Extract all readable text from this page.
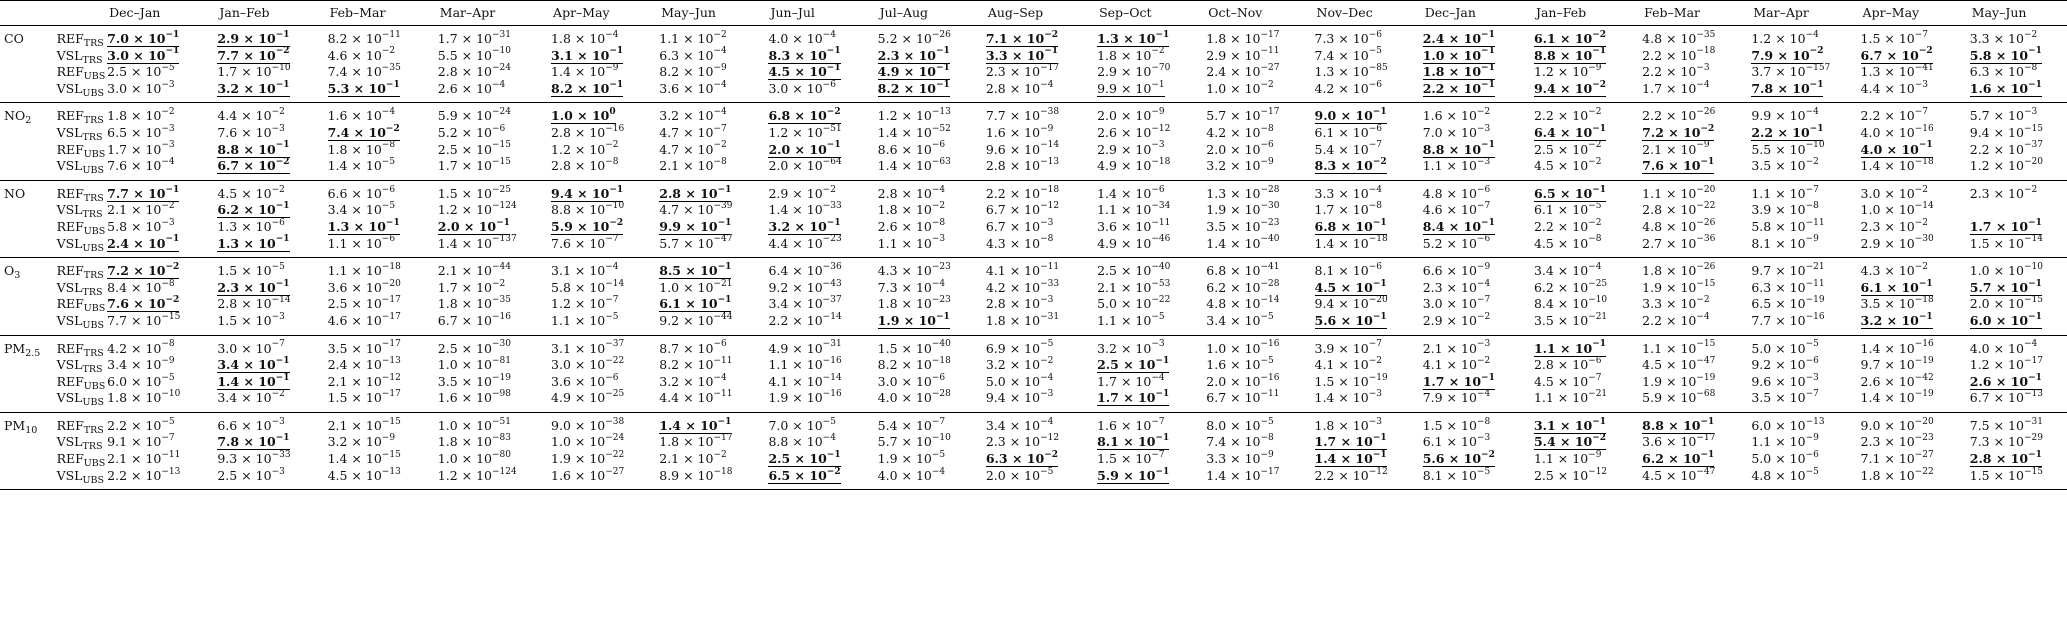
		Dec–Jan	Jan–Feb	Feb–Mar	Mar–Apr	Apr–May	May–Jun	Jun–Jul	Jul–Aug	Aug–Sep	Sep–Oct	Oct–Nov	Nov–Dec	Dec–Jan	Jan–Feb	Feb–Mar	Mar–Apr	Apr–May	May–Jun
CO	$REF_{TRS}$	$7.0 \times 10^{-1}$	$2.9 \times 10^{-1}$	$8.2 \times 10^{-11}$	$1.7 \times 10^{-31}$	$1.8 \times 10^{-4}$	$1.1 \times 10^{-2}$	$4.0 \times 10^{-4}$	$5.2 \times 10^{-26}$	$7.1 \times 10^{-2}$	$1.3 \times 10^{-1}$	$1.8 \times 10^{-17}$	$7.3 \times 10^{-6}$	$2.4 \times 10^{-1}$	$6.1 \times 10^{-2}$	$4.8 \times 10^{-35}$	$1.2 \times 10^{-4}$	$1.5 \times 10^{-7}$	$3.3 \times 10^{-2}$
	$VSL_{TRS}$	$3.0 \times 10^{-1}$	$7.7 \times 10^{-2}$	$4.6 \times 10^{-2}$	$5.5 \times 10^{-10}$	$3.1 \times 10^{-1}$	$6.3 \times 10^{-4}$	$8.3 \times 10^{-1}$	$2.3 \times 10^{-1}$	$3.3 \times 10^{-1}$	$1.8 \times 10^{-2}$	$2.9 \times 10^{-11}$	$7.4 \times 10^{-5}$	$1.0 \times 10^{-1}$	$8.8 \times 10^{-1}$	$2.2 \times 10^{-18}$	$7.9 \times 10^{-2}$	$6.7 \times 10^{-2}$	$5.8 \times 10^{-1}$
	$REF_{UBS}$	$2.5 \times 10^{-5}$	$1.7 \times 10^{-10}$	$7.4 \times 10^{-35}$	$2.8 \times 10^{-24}$	$1.4 \times 10^{-9}$	$8.2 \times 10^{-9}$	$4.5 \times 10^{-1}$	$4.9 \times 10^{-1}$	$2.3 \times 10^{-17}$	$2.9 \times 10^{-70}$	$2.4 \times 10^{-27}$	$1.3 \times 10^{-85}$	$1.8 \times 10^{-1}$	$1.2 \times 10^{-9}$	$2.2 \times 10^{-3}$	$3.7 \times 10^{-157}$	$1.3 \times 10^{-41}$	$6.3 \times 10^{-8}$
	$VSL_{UBS}$	$3.0 \times 10^{-3}$	$3.2 \times 10^{-1}$	$5.3 \times 10^{-1}$	$2.6 \times 10^{-4}$	$8.2 \times 10^{-1}$	$3.6 \times 10^{-4}$	$3.0 \times 10^{-6}$	$8.2 \times 10^{-1}$	$2.8 \times 10^{-4}$	$9.9 \times 10^{-1}$	$1.0 \times 10^{-2}$	$4.2 \times 10^{-6}$	$2.2 \times 10^{-1}$	$9.4 \times 10^{-2}$	$1.7 \times 10^{-4}$	$7.8 \times 10^{-1}$	$4.4 \times 10^{-3}$	$1.6 \times 10^{-1}$
$NO_2$	$REF_{TRS}$	$1.8 \times 10^{-2}$	$4.4 \times 10^{-2}$	$1.6 \times 10^{-4}$	$5.9 \times 10^{-24}$	$1.0 \times 10^0$	$3.2 \times 10^{-4}$	$6.8 \times 10^{-2}$	$1.2 \times 10^{-13}$	$7.7 \times 10^{-38}$	$2.0 \times 10^{-9}$	$5.7 \times 10^{-17}$	$9.0 \times 10^{-1}$	$1.6 \times 10^{-2}$	$2.2 \times 10^{-2}$	$2.2 \times 10^{-26}$	$9.9 \times 10^{-4}$	$2.2 \times 10^{-7}$	$5.7 \times 10^{-3}$
	$VSL_{TRS}$	$6.5 \times 10^{-3}$	$7.6 \times 10^{-3}$	$7.4 \times 10^{-2}$	$5.2 \times 10^{-6}$	$2.8 \times 10^{-16}$	$4.7 \times 10^{-7}$	$1.2 \times 10^{-51}$	$1.4 \times 10^{-52}$	$1.6 \times 10^{-9}$	$2.6 \times 10^{-12}$	$4.2 \times 10^{-8}$	$6.1 \times 10^{-6}$	$7.0 \times 10^{-3}$	$6.4 \times 10^{-1}$	$7.2 \times 10^{-2}$	$2.2 \times 10^{-1}$	$4.0 \times 10^{-16}$	$9.4 \times 10^{-15}$
	$REF_{UBS}$	$1.7 \times 10^{-3}$	$8.8 \times 10^{-1}$	$1.8 \times 10^{-8}$	$2.5 \times 10^{-15}$	$1.2 \times 10^{-2}$	$4.7 \times 10^{-2}$	$2.0 \times 10^{-1}$	$8.6 \times 10^{-6}$	$9.6 \times 10^{-14}$	$2.9 \times 10^{-3}$	$2.0 \times 10^{-6}$	$5.4 \times 10^{-7}$	$8.8 \times 10^{-1}$	$2.5 \times 10^{-2}$	$2.1 \times 10^{-9}$	$5.5 \times 10^{-10}$	$4.0 \times 10^{-1}$	$2.2 \times 10^{-37}$
	$VSL_{UBS}$	$7.6 \times 10^{-4}$	$6.7 \times 10^{-2}$	$1.4 \times 10^{-5}$	$1.7 \times 10^{-15}$	$2.8 \times 10^{-8}$	$2.1 \times 10^{-8}$	$2.0 \times 10^{-64}$	$1.4 \times 10^{-63}$	$2.8 \times 10^{-13}$	$4.9 \times 10^{-18}$	$3.2 \times 10^{-9}$	$8.3 \times 10^{-2}$	$1.1 \times 10^{-3}$	$4.5 \times 10^{-2}$	$7.6 \times 10^{-1}$	$3.5 \times 10^{-2}$	$1.4 \times 10^{-18}$	$1.2 \times 10^{-20}$
NO	$REF_{TRS}$	$7.7 \times 10^{-1}$	$4.5 \times 10^{-2}$	$6.6 \times 10^{-6}$	$1.5 \times 10^{-25}$	$9.4 \times 10^{-1}$	$2.8 \times 10^{-1}$	$2.9 \times 10^{-2}$	$2.8 \times 10^{-4}$	$2.2 \times 10^{-18}$	$1.4 \times 10^{-6}$	$1.3 \times 10^{-28}$	$3.3 \times 10^{-4}$	$4.8 \times 10^{-6}$	$6.5 \times 10^{-1}$	$1.1 \times 10^{-20}$	$1.1 \times 10^{-7}$	$3.0 \times 10^{-2}$	$2.3 \times 10^{-2}$
	$VSL_{TRS}$	$2.1 \times 10^{-2}$	$6.2 \times 10^{-1}$	$3.4 \times 10^{-5}$	$1.2 \times 10^{-124}$	$8.8 \times 10^{-10}$	$4.7 \times 10^{-39}$	$1.4 \times 10^{-33}$	$1.8 \times 10^{-2}$	$6.7 \times 10^{-12}$	$1.1 \times 10^{-34}$	$1.9 \times 10^{-30}$	$1.7 \times 10^{-8}$	$4.6 \times 10^{-7}$	$6.1 \times 10^{-5}$	$2.8 \times 10^{-22}$	$3.9 \times 10^{-8}$	$1.0 \times 10^{-14}$	
	$REF_{UBS}$	$5.8 \times 10^{-3}$	$1.3 \times 10^{-6}$	$1.3 \times 10^{-1}$	$2.0 \times 10^{-1}$	$5.9 \times 10^{-2}$	$9.9 \times 10^{-1}$	$3.2 \times 10^{-1}$	$2.6 \times 10^{-8}$	$6.7 \times 10^{-3}$	$3.6 \times 10^{-11}$	$3.5 \times 10^{-23}$	$6.8 \times 10^{-1}$	$8.4 \times 10^{-1}$	$2.2 \times 10^{-2}$	$4.8 \times 10^{-26}$	$5.8 \times 10^{-11}$	$2.3 \times 10^{-2}$	$1.7 \times 10^{-1}$
	$VSL_{UBS}$	$2.4 \times 10^{-1}$	$1.3 \times 10^{-1}$	$1.1 \times 10^{-6}$	$1.4 \times 10^{-137}$	$7.6 \times 10^{-7}$	$5.7 \times 10^{-47}$	$4.4 \times 10^{-23}$	$1.1 \times 10^{-3}$	$4.3 \times 10^{-8}$	$4.9 \times 10^{-46}$	$1.4 \times 10^{-40}$	$1.4 \times 10^{-18}$	$5.2 \times 10^{-6}$	$4.5 \times 10^{-8}$	$2.7 \times 10^{-36}$	$8.1 \times 10^{-9}$	$2.9 \times 10^{-30}$	$1.5 \times 10^{-14}$
$O_3$	$REF_{TRS}$	$7.2 \times 10^{-2}$	$1.5 \times 10^{-5}$	$1.1 \times 10^{-18}$	$2.1 \times 10^{-44}$	$3.1 \times 10^{-4}$	$8.5 \times 10^{-1}$	$6.4 \times 10^{-36}$	$4.3 \times 10^{-23}$	$4.1 \times 10^{-11}$	$2.5 \times 10^{-40}$	$6.8 \times 10^{-41}$	$8.1 \times 10^{-6}$	$6.6 \times 10^{-9}$	$3.4 \times 10^{-4}$	$1.8 \times 10^{-26}$	$9.7 \times 10^{-21}$	$4.3 \times 10^{-2}$	$1.0 \times 10^{-10}$
	$VSL_{TRS}$	$8.4 \times 10^{-8}$	$2.3 \times 10^{-1}$	$3.6 \times 10^{-20}$	$1.7 \times 10^{-2}$	$5.8 \times 10^{-14}$	$1.0 \times 10^{-21}$	$9.2 \times 10^{-43}$	$7.3 \times 10^{-4}$	$4.2 \times 10^{-33}$	$2.1 \times 10^{-53}$	$6.2 \times 10^{-28}$	$4.5 \times 10^{-1}$	$2.3 \times 10^{-4}$	$6.2 \times 10^{-25}$	$1.9 \times 10^{-15}$	$6.3 \times 10^{-11}$	$6.1 \times 10^{-1}$	$5.7 \times 10^{-1}$
	$REF_{UBS}$	$7.6 \times 10^{-2}$	$2.8 \times 10^{-14}$	$2.5 \times 10^{-17}$	$1.8 \times 10^{-35}$	$1.2 \times 10^{-7}$	$6.1 \times 10^{-1}$	$3.4 \times 10^{-37}$	$1.8 \times 10^{-23}$	$2.8 \times 10^{-3}$	$5.0 \times 10^{-22}$	$4.8 \times 10^{-14}$	$9.4 \times 10^{-20}$	$3.0 \times 10^{-7}$	$8.4 \times 10^{-10}$	$3.3 \times 10^{-2}$	$6.5 \times 10^{-19}$	$3.5 \times 10^{-18}$	$2.0 \times 10^{-15}$
	$VSL_{UBS}$	$7.7 \times 10^{-15}$	$1.5 \times 10^{-3}$	$4.6 \times 10^{-17}$	$6.7 \times 10^{-16}$	$1.1 \times 10^{-5}$	$9.2 \times 10^{-44}$	$2.2 \times 10^{-14}$	$1.9 \times 10^{-1}$	$1.8 \times 10^{-31}$	$1.1 \times 10^{-5}$	$3.4 \times 10^{-5}$	$5.6 \times 10^{-1}$	$2.9 \times 10^{-2}$	$3.5 \times 10^{-21}$	$2.2 \times 10^{-4}$	$7.7 \times 10^{-16}$	$3.2 \times 10^{-1}$	$6.0 \times 10^{-1}$
$PM_{2.5}$	$REF_{TRS}$	$4.2 \times 10^{-8}$	$3.0 \times 10^{-7}$	$3.5 \times 10^{-17}$	$2.5 \times 10^{-30}$	$3.1 \times 10^{-37}$	$8.7 \times 10^{-6}$	$4.9 \times 10^{-31}$	$1.5 \times 10^{-40}$	$6.9 \times 10^{-5}$	$3.2 \times 10^{-3}$	$1.0 \times 10^{-16}$	$3.9 \times 10^{-7}$	$2.1 \times 10^{-3}$	$1.1 \times 10^{-1}$	$1.1 \times 10^{-15}$	$5.0 \times 10^{-5}$	$1.4 \times 10^{-16}$	$4.0 \times 10^{-4}$
	$VSL_{TRS}$	$3.4 \times 10^{-9}$	$3.4 \times 10^{-1}$	$2.4 \times 10^{-13}$	$1.0 \times 10^{-81}$	$3.0 \times 10^{-22}$	$8.2 \times 10^{-11}$	$1.1 \times 10^{-16}$	$8.2 \times 10^{-18}$	$3.2 \times 10^{-2}$	$2.5 \times 10^{-1}$	$1.6 \times 10^{-5}$	$4.1 \times 10^{-2}$	$4.1 \times 10^{-2}$	$2.8 \times 10^{-6}$	$4.5 \times 10^{-47}$	$9.2 \times 10^{-6}$	$9.7 \times 10^{-19}$	$1.2 \times 10^{-17}$
	$REF_{UBS}$	$6.0 \times 10^{-5}$	$1.4 \times 10^{-1}$	$2.1 \times 10^{-12}$	$3.5 \times 10^{-19}$	$3.6 \times 10^{-6}$	$3.2 \times 10^{-4}$	$4.1 \times 10^{-14}$	$3.0 \times 10^{-6}$	$5.0 \times 10^{-4}$	$1.7 \times 10^{-4}$	$2.0 \times 10^{-16}$	$1.5 \times 10^{-19}$	$1.7 \times 10^{-1}$	$4.5 \times 10^{-7}$	$1.9 \times 10^{-19}$	$9.6 \times 10^{-3}$	$2.6 \times 10^{-42}$	$2.6 \times 10^{-1}$
	$VSL_{UBS}$	$1.8 \times 10^{-10}$	$3.4 \times 10^{-2}$	$1.5 \times 10^{-17}$	$1.6 \times 10^{-98}$	$4.9 \times 10^{-25}$	$4.4 \times 10^{-11}$	$1.9 \times 10^{-16}$	$4.0 \times 10^{-28}$	$9.4 \times 10^{-3}$	$1.7 \times 10^{-1}$	$6.7 \times 10^{-11}$	$1.4 \times 10^{-3}$	$7.9 \times 10^{-4}$	$1.1 \times 10^{-21}$	$5.9 \times 10^{-68}$	$3.5 \times 10^{-7}$	$1.4 \times 10^{-19}$	$6.7 \times 10^{-13}$
$PM_{10}$	$REF_{TRS}$	$2.2 \times 10^{-5}$	$6.6 \times 10^{-3}$	$2.1 \times 10^{-15}$	$1.0 \times 10^{-51}$	$9.0 \times 10^{-38}$	$1.4 \times 10^{-1}$	$7.0 \times 10^{-5}$	$5.4 \times 10^{-7}$	$3.4 \times 10^{-4}$	$1.6 \times 10^{-7}$	$8.0 \times 10^{-5}$	$1.8 \times 10^{-3}$	$1.5 \times 10^{-8}$	$3.1 \times 10^{-1}$	$8.8 \times 10^{-1}$	$6.0 \times 10^{-13}$	$9.0 \times 10^{-20}$	$7.5 \times 10^{-31}$
	$VSL_{TRS}$	$9.1 \times 10^{-7}$	$7.8 \times 10^{-1}$	$3.2 \times 10^{-9}$	$1.8 \times 10^{-83}$	$1.0 \times 10^{-24}$	$1.8 \times 10^{-17}$	$8.8 \times 10^{-4}$	$5.7 \times 10^{-10}$	$2.3 \times 10^{-12}$	$8.1 \times 10^{-1}$	$7.4 \times 10^{-8}$	$1.7 \times 10^{-1}$	$6.1 \times 10^{-3}$	$5.4 \times 10^{-2}$	$3.6 \times 10^{-17}$	$1.1 \times 10^{-9}$	$2.3 \times 10^{-23}$	$7.3 \times 10^{-29}$
	$REF_{UBS}$	$2.1 \times 10^{-11}$	$9.3 \times 10^{-33}$	$1.4 \times 10^{-15}$	$1.0 \times 10^{-80}$	$1.9 \times 10^{-22}$	$2.1 \times 10^{-2}$	$2.5 \times 10^{-1}$	$1.9 \times 10^{-5}$	$6.3 \times 10^{-2}$	$1.5 \times 10^{-7}$	$3.3 \times 10^{-9}$	$1.4 \times 10^{-1}$	$5.6 \times 10^{-2}$	$1.1 \times 10^{-9}$	$6.2 \times 10^{-1}$	$5.0 \times 10^{-6}$	$7.1 \times 10^{-27}$	$2.8 \times 10^{-1}$
	$VSL_{UBS}$	$2.2 \times 10^{-13}$	$2.5 \times 10^{-3}$	$4.5 \times 10^{-13}$	$1.2 \times 10^{-124}$	$1.6 \times 10^{-27}$	$8.9 \times 10^{-18}$	$6.5 \times 10^{-2}$	$4.0 \times 10^{-4}$	$2.0 \times 10^{-5}$	$5.9 \times 10^{-1}$	$1.4 \times 10^{-17}$	$2.2 \times 10^{-12}$	$8.1 \times 10^{-5}$	$2.5 \times 10^{-12}$	$4.5 \times 10^{-47}$	$4.8 \times 10^{-5}$	$1.8 \times 10^{-22}$	$1.5 \times 10^{-15}$
